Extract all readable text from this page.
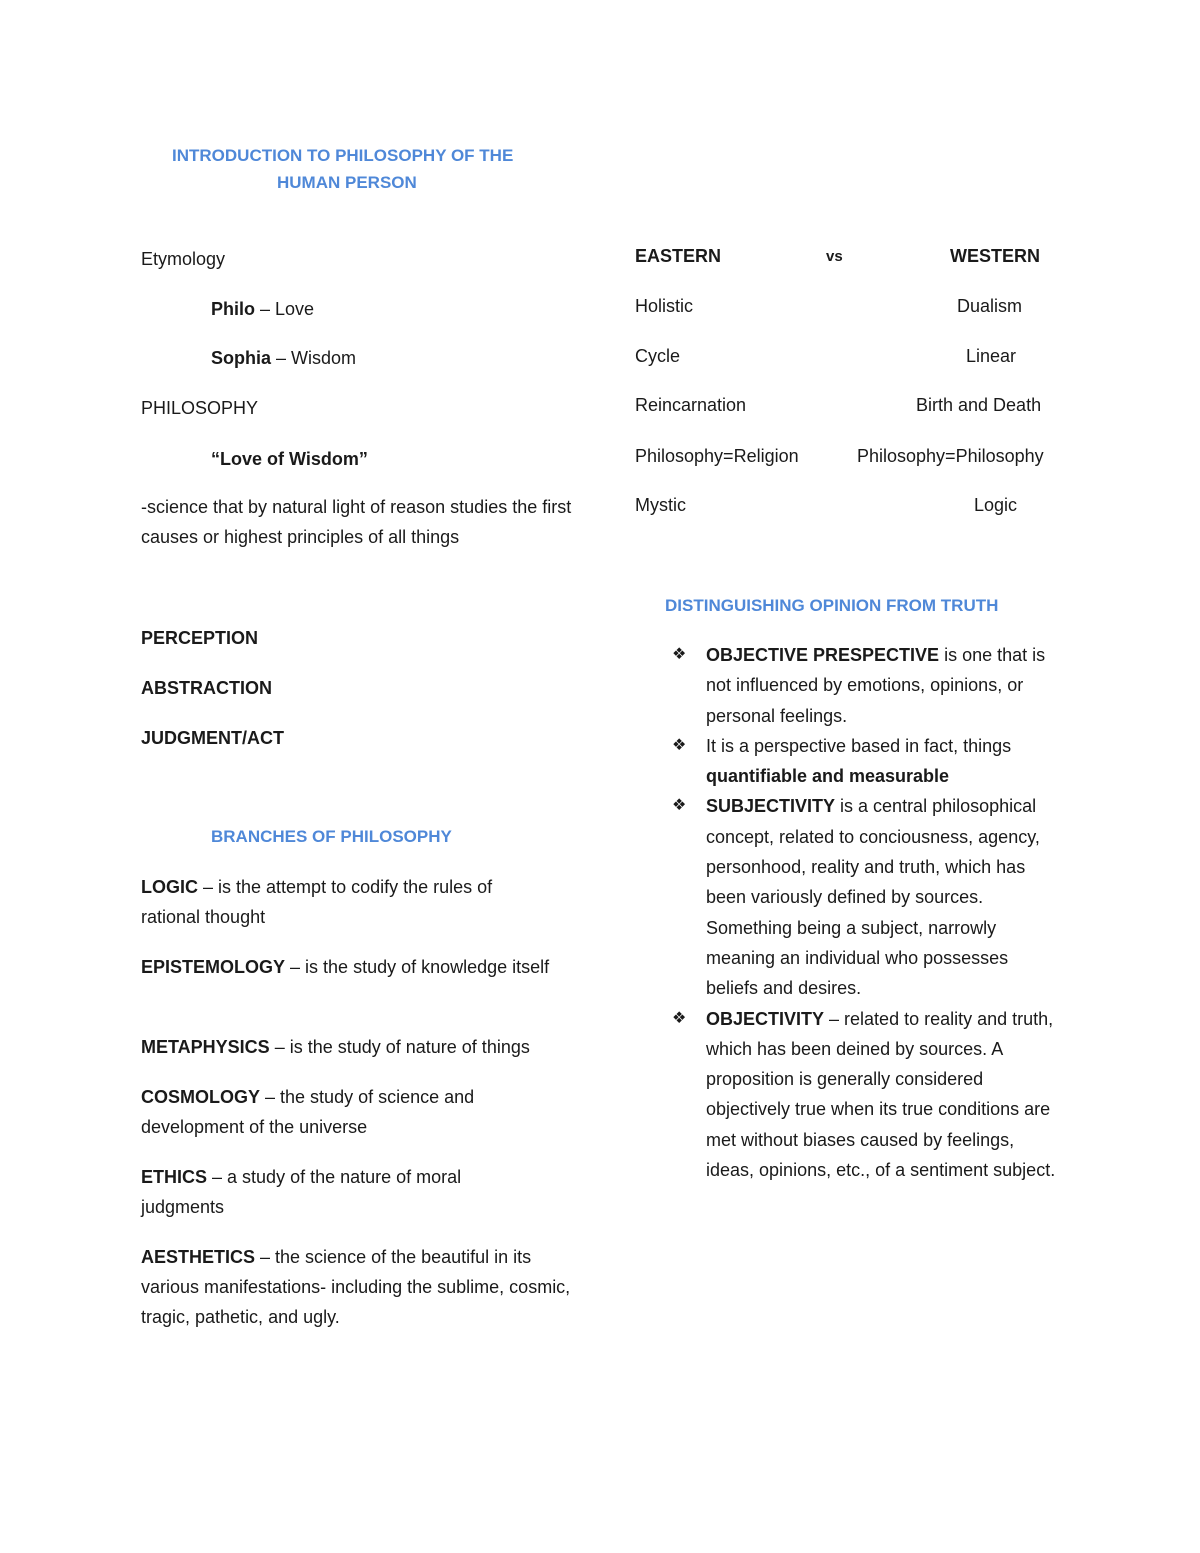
INTRODUCTION TO PHILOSOPHY OF THE
HUMAN PERSON
Etymology
Philo – Love
Sophia – Wisdom
PHILOSOPHY
“Love of Wisdom”
-science that by natural light of reason studies the first causes or highest principles of all things
PERCEPTION
ABSTRACTION
JUDGMENT/ACT
BRANCHES OF PHILOSOPHY
LOGIC – is the attempt to codify the rules of rational thought
EPISTEMOLOGY – is the study of knowledge itself
METAPHYSICS – is the study of nature of things
COSMOLOGY – the study of science and development of the universe
ETHICS – a study of the nature of moral judgments
AESTHETICS – the science of the beautiful in its various manifestations- including the sublime, cosmic, tragic, pathetic, and ugly.
EASTERN	vs	WESTERN
Holistic	Dualism
Cycle	Linear
Reincarnation	Birth and Death
Philosophy=Religion	Philosophy=Philosophy
Mystic	Logic
DISTINGUISHING OPINION FROM TRUTH
❖ OBJECTIVE PRESPECTIVE is one that is not influenced by emotions, opinions, or personal feelings.
❖ It is a perspective based in fact, things quantifiable and measurable
❖ SUBJECTIVITY is a central philosophical concept, related to conciousness, agency, personhood, reality and truth, which has been variously defined by sources. Something being a subject, narrowly meaning an individual who possesses beliefs and desires.
❖ OBJECTIVITY – related to reality and truth, which has been deined by sources. A proposition is generally considered objectively true when its true conditions are met without biases caused by feelings, ideas, opinions, etc., of a sentiment subject.
